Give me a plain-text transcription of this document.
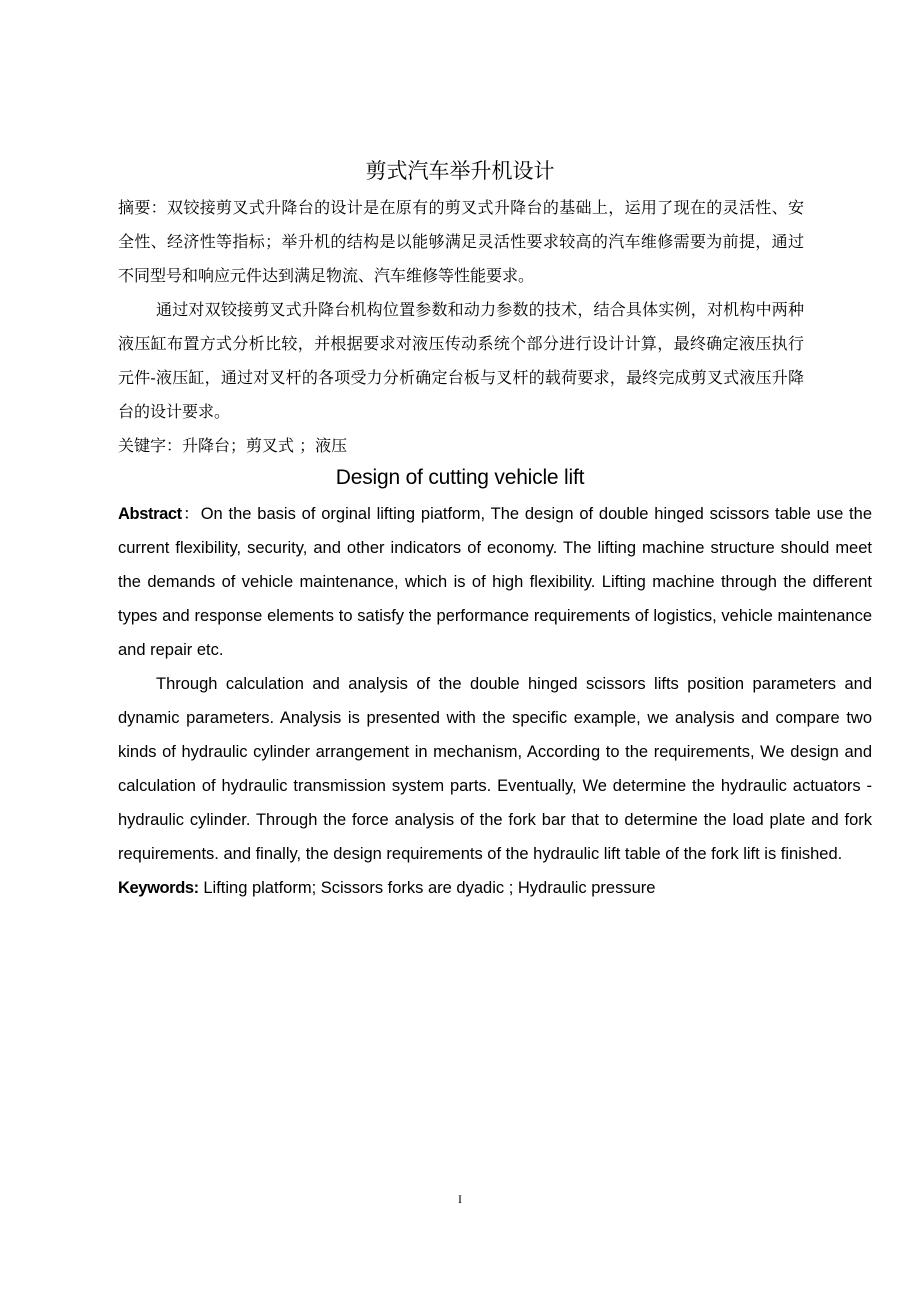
剪式汽车举升机设计

摘要：双铰接剪叉式升降台的设计是在原有的剪叉式升降台的基础上，运用了现在的灵活性、安全性、经济性等指标；举升机的结构是以能够满足灵活性要求较高的汽车维修需要为前提，通过不同型号和响应元件达到满足物流、汽车维修等性能要求。

通过对双铰接剪叉式升降台机构位置参数和动力参数的技术，结合具体实例，对机构中两种液压缸布置方式分析比较，并根据要求对液压传动系统个部分进行设计计算，最终确定液压执行元件-液压缸，通过对叉杆的各项受力分析确定台板与叉杆的载荷要求，最终完成剪叉式液压升降台的设计要求。

关键字：升降台；剪叉式 ；液压

Design of cutting vehicle lift

Abstract：On the basis of orginal lifting piatform, The design of double hinged scissors table use the current flexibility, security, and other indicators of economy. The lifting machine structure should meet the demands of vehicle maintenance, which is of high flexibility. Lifting machine through the different types and response elements to satisfy the performance requirements of logistics, vehicle maintenance and repair etc.

Through calculation and analysis of the double hinged scissors lifts position parameters and dynamic parameters. Analysis is presented with the specific example, we analysis and compare two kinds of hydraulic cylinder arrangement in mechanism, According to the requirements, We design and calculation of hydraulic transmission system parts. Eventually, We determine the hydraulic actuators - hydraulic cylinder. Through the force analysis of the fork bar that to determine the load plate and fork requirements. and finally, the design requirements of the hydraulic lift table of the fork lift is finished.

Keywords: Lifting platform; Scissors forks are dyadic ; Hydraulic pressure

I
